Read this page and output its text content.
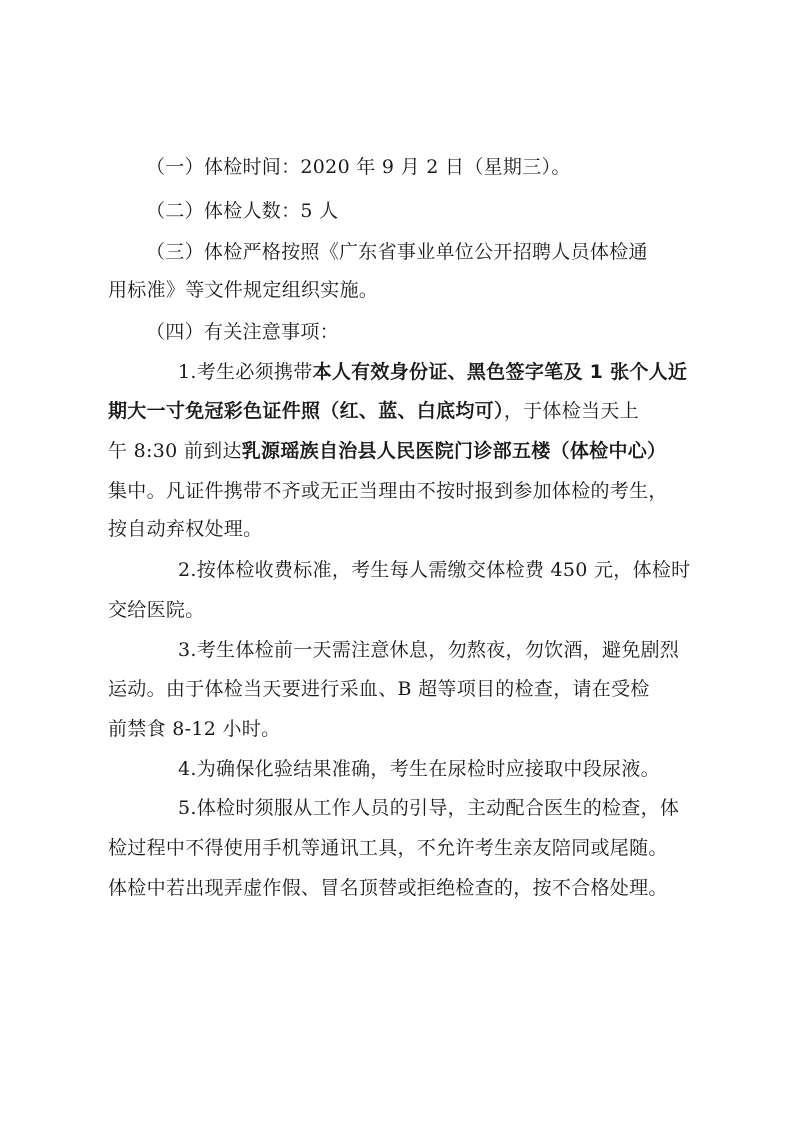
（一）体检时间：2020 年 9 月 2 日（星期三）。
（二）体检人数：5 人
（三）体检严格按照《广东省事业单位公开招聘人员体检通
用标准》等文件规定组织实施。
（四）有关注意事项：
1.考生必须携带本人有效身份证、黑色签字笔及 1 张个人近
期大一寸免冠彩色证件照（红、蓝、白底均可），于体检当天上
午 8:30 前到达乳源瑶族自治县人民医院门诊部五楼（体检中心）
集中。凡证件携带不齐或无正当理由不按时报到参加体检的考生，
按自动弃权处理。
2.按体检收费标准，考生每人需缴交体检费 450 元，体检时
交给医院。
3.考生体检前一天需注意休息，勿熬夜，勿饮酒，避免剧烈
运动。由于体检当天要进行采血、B 超等项目的检查，请在受检
前禁食 8-12 小时。
4.为确保化验结果准确，考生在尿检时应接取中段尿液。
5.体检时须服从工作人员的引导，主动配合医生的检查，体
检过程中不得使用手机等通讯工具，不允许考生亲友陪同或尾随。
体检中若出现弄虚作假、冒名顶替或拒绝检查的，按不合格处理。
